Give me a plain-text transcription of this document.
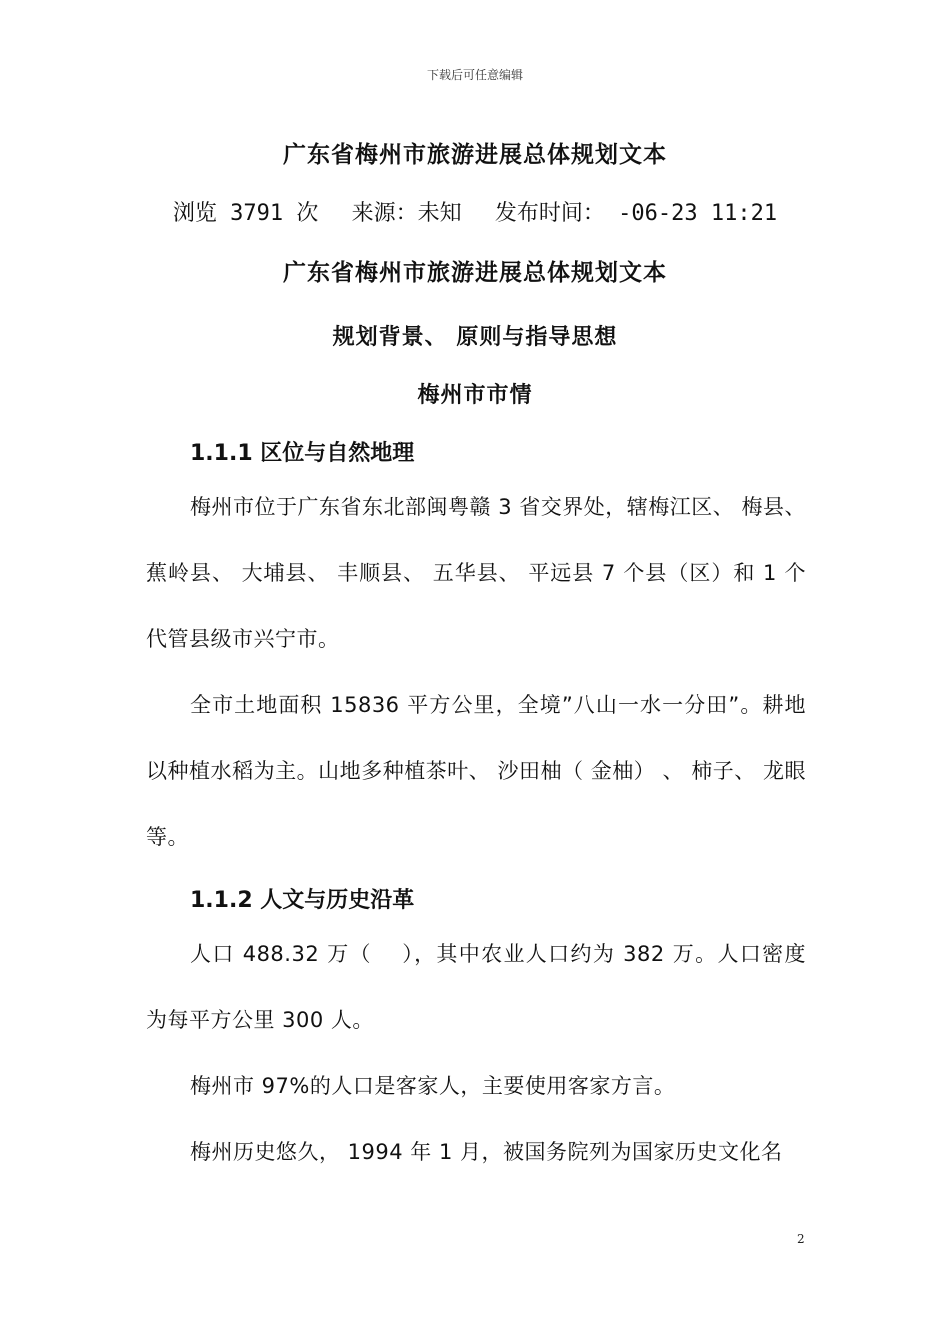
下载后可任意编辑
广东省梅州市旅游进展总体规划文本
浏览 3791 次 来源：未知 发布时间： -06-23 11:21
广东省梅州市旅游进展总体规划文本
规划背景、 原则与指导思想
梅州市市情
1.1.1 区位与自然地理
梅州市位于广东省东北部闽粤赣 3 省交界处，辖梅江区、 梅县、 蕉岭县、 大埔县、 丰顺县、 五华县、 平远县 7 个县（区）和 1 个代管县级市兴宁市。
全市土地面积 15836 平方公里，全境”八山一水一分田”。耕地以种植水稻为主。山地多种植茶叶、 沙田柚（ 金柚） 、 柿子、 龙眼等。
1.1.2 人文与历史沿革
人口 488.32 万（　 ），其中农业人口约为 382 万。人口密度为每平方公里 300 人。
梅州市 97%的人口是客家人，主要使用客家方言。
梅州历史悠久， 1994 年 1 月，被国务院列为国家历史文化名
2
